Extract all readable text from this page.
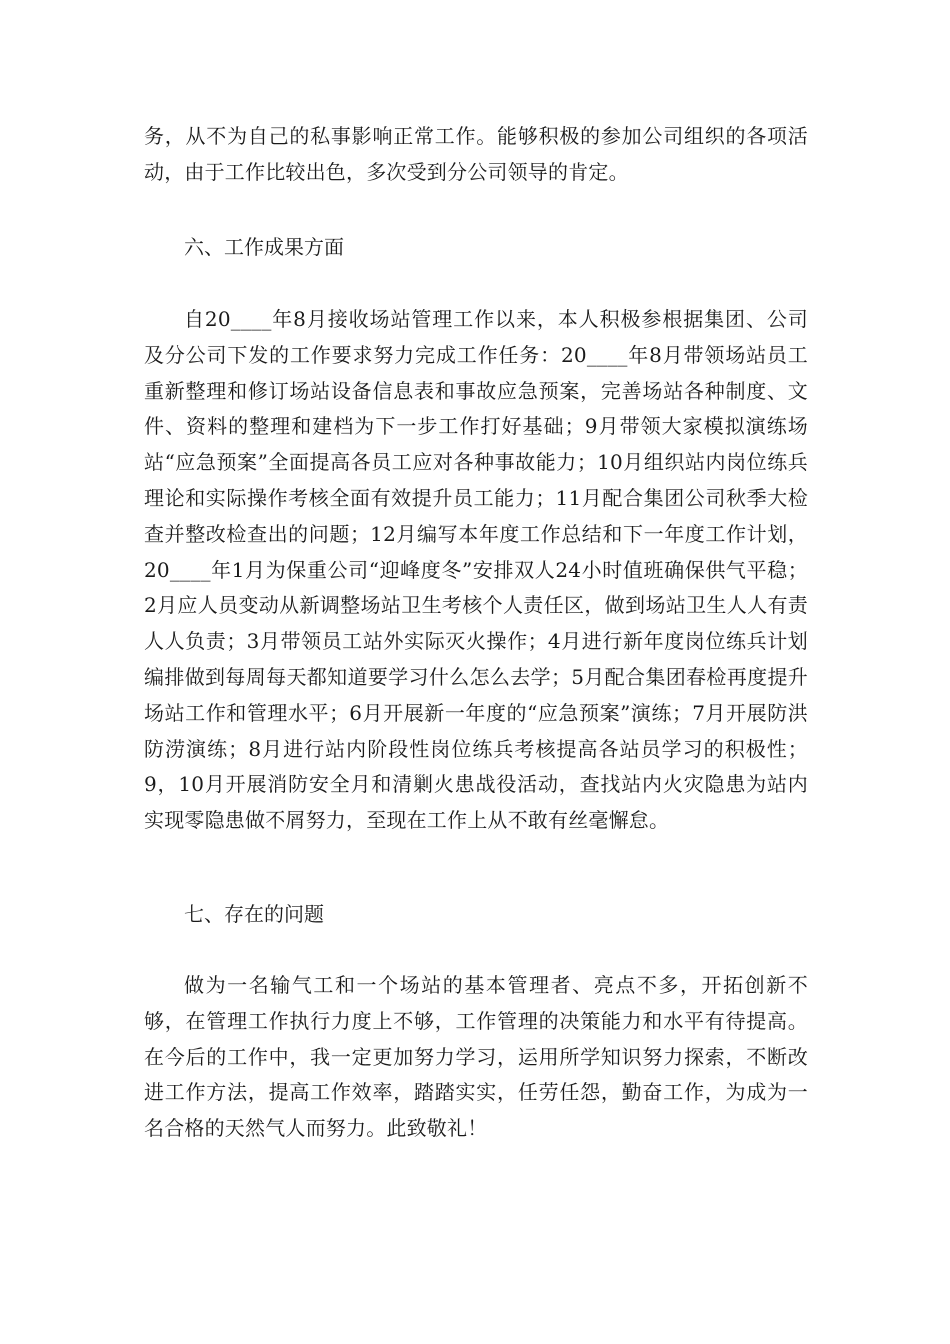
务，从不为自己的私事影响正常工作。能够积极的参加公司组织的各项活动，由于工作比较出色，多次受到分公司领导的肯定。

六、工作成果方面

自20____年8月接收场站管理工作以来，本人积极参根据集团、公司及分公司下发的工作要求努力完成工作任务：20____年8月带领场站员工重新整理和修订场站设备信息表和事故应急预案，完善场站各种制度、文件、资料的整理和建档为下一步工作打好基础；9月带领大家模拟演练场站“应急预案”全面提高各员工应对各种事故能力；10月组织站内岗位练兵理论和实际操作考核全面有效提升员工能力；11月配合集团公司秋季大检查并整改检查出的问题；12月编写本年度工作总结和下一年度工作计划，20____年1月为保重公司“迎峰度冬”安排双人24小时值班确保供气平稳；2月应人员变动从新调整场站卫生考核个人责任区，做到场站卫生人人有责人人负责；3月带领员工站外实际灭火操作；4月进行新年度岗位练兵计划编排做到每周每天都知道要学习什么怎么去学；5月配合集团春检再度提升场站工作和管理水平；6月开展新一年度的“应急预案”演练；7月开展防洪防涝演练；8月进行站内阶段性岗位练兵考核提高各站员学习的积极性；9，10月开展消防安全月和清剿火患战役活动，查找站内火灾隐患为站内实现零隐患做不屑努力，至现在工作上从不敢有丝毫懈怠。

七、存在的问题

做为一名输气工和一个场站的基本管理者、亮点不多，开拓创新不够，在管理工作执行力度上不够，工作管理的决策能力和水平有待提高。在今后的工作中，我一定更加努力学习，运用所学知识努力探索，不断改进工作方法，提高工作效率，踏踏实实，任劳任怨，勤奋工作，为成为一名合格的天然气人而努力。此致敬礼！
